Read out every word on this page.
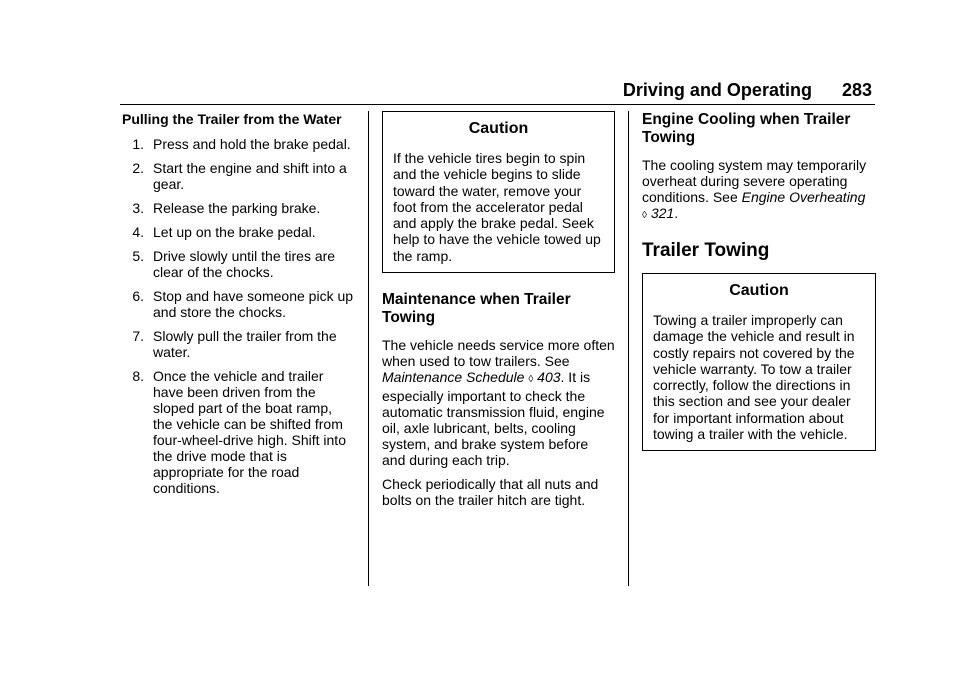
Driving and Operating 283
Pulling the Trailer from the Water
1. Press and hold the brake pedal.
2. Start the engine and shift into a gear.
3. Release the parking brake.
4. Let up on the brake pedal.
5. Drive slowly until the tires are clear of the chocks.
6. Stop and have someone pick up and store the chocks.
7. Slowly pull the trailer from the water.
8. Once the vehicle and trailer have been driven from the sloped part of the boat ramp, the vehicle can be shifted from four-wheel-drive high. Shift into the drive mode that is appropriate for the road conditions.
Caution
If the vehicle tires begin to spin and the vehicle begins to slide toward the water, remove your foot from the accelerator pedal and apply the brake pedal. Seek help to have the vehicle towed up the ramp.
Maintenance when Trailer Towing

The vehicle needs service more often when used to tow trailers. See Maintenance Schedule ◊ 403. It is especially important to check the automatic transmission fluid, engine oil, axle lubricant, belts, cooling system, and brake system before and during each trip.

Check periodically that all nuts and bolts on the trailer hitch are tight.

Engine Cooling when Trailer Towing

The cooling system may temporarily overheat during severe operating conditions. See Engine Overheating
◊ 321.

Trailer Towing
Caution
Towing a trailer improperly can damage the vehicle and result in costly repairs not covered by the vehicle warranty. To tow a trailer correctly, follow the directions in this section and see your dealer for important information about towing a trailer with the vehicle.
